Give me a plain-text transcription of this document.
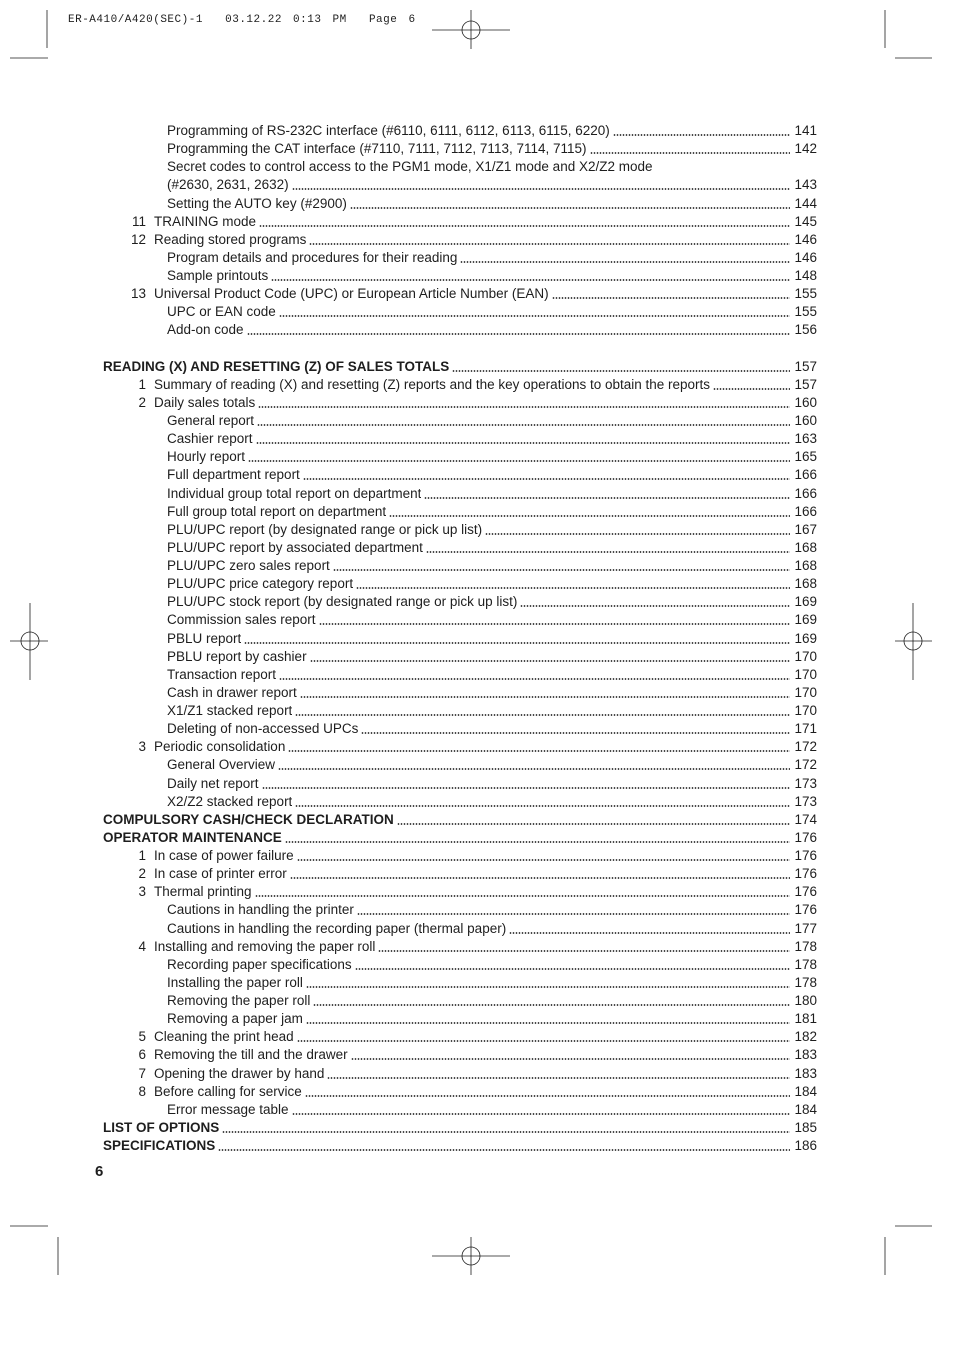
ER-A410/A420(SEC)-1  03.12.22 0:13 PM  Page 6
Programming of RS-232C interface (#6110, 6111, 6112, 6113, 6115, 6220)	141
Programming the CAT interface (#7110, 7111, 7112, 7113, 7114, 7115)	142
Secret codes to control access to the PGM1 mode, X1/Z1 mode and X2/Z2 mode
(#2630, 2631, 2632)	143
Setting the AUTO key (#2900)	144
11 TRAINING mode	145
12 Reading stored programs	146
Program details and procedures for their reading	146
Sample printouts	148
13 Universal Product Code (UPC) or European Article Number (EAN)	155
UPC or EAN code	155
Add-on code	156
READING (X) AND RESETTING (Z) OF SALES TOTALS	157
1 Summary of reading (X) and resetting (Z) reports and the key operations to obtain the reports	157
2 Daily sales totals	160
General report	160
Cashier report	163
Hourly report	165
Full department report	166
Individual group total report on department	166
Full group total report on department	166
PLU/UPC report (by designated range or pick up list)	167
PLU/UPC report by associated department	168
PLU/UPC zero sales report	168
PLU/UPC price category report	168
PLU/UPC stock report (by designated range or pick up list)	169
Commission sales report	169
PBLU report	169
PBLU report by cashier	170
Transaction report	170
Cash in drawer report	170
X1/Z1 stacked report	170
Deleting of non-accessed UPCs	171
3 Periodic consolidation	172
General Overview	172
Daily net report	173
X2/Z2 stacked report	173
COMPULSORY CASH/CHECK DECLARATION	174
OPERATOR MAINTENANCE	176
1 In case of power failure	176
2 In case of printer error	176
3 Thermal printing	176
Cautions in handling the printer	176
Cautions in handling the recording paper (thermal paper)	177
4 Installing and removing the paper roll	178
Recording paper specifications	178
Installing the paper roll	178
Removing the paper roll	180
Removing a paper jam	181
5 Cleaning the print head	182
6 Removing the till and the drawer	183
7 Opening the drawer by hand	183
8 Before calling for service	184
Error message table	184
LIST OF OPTIONS	185
SPECIFICATIONS	186
6
